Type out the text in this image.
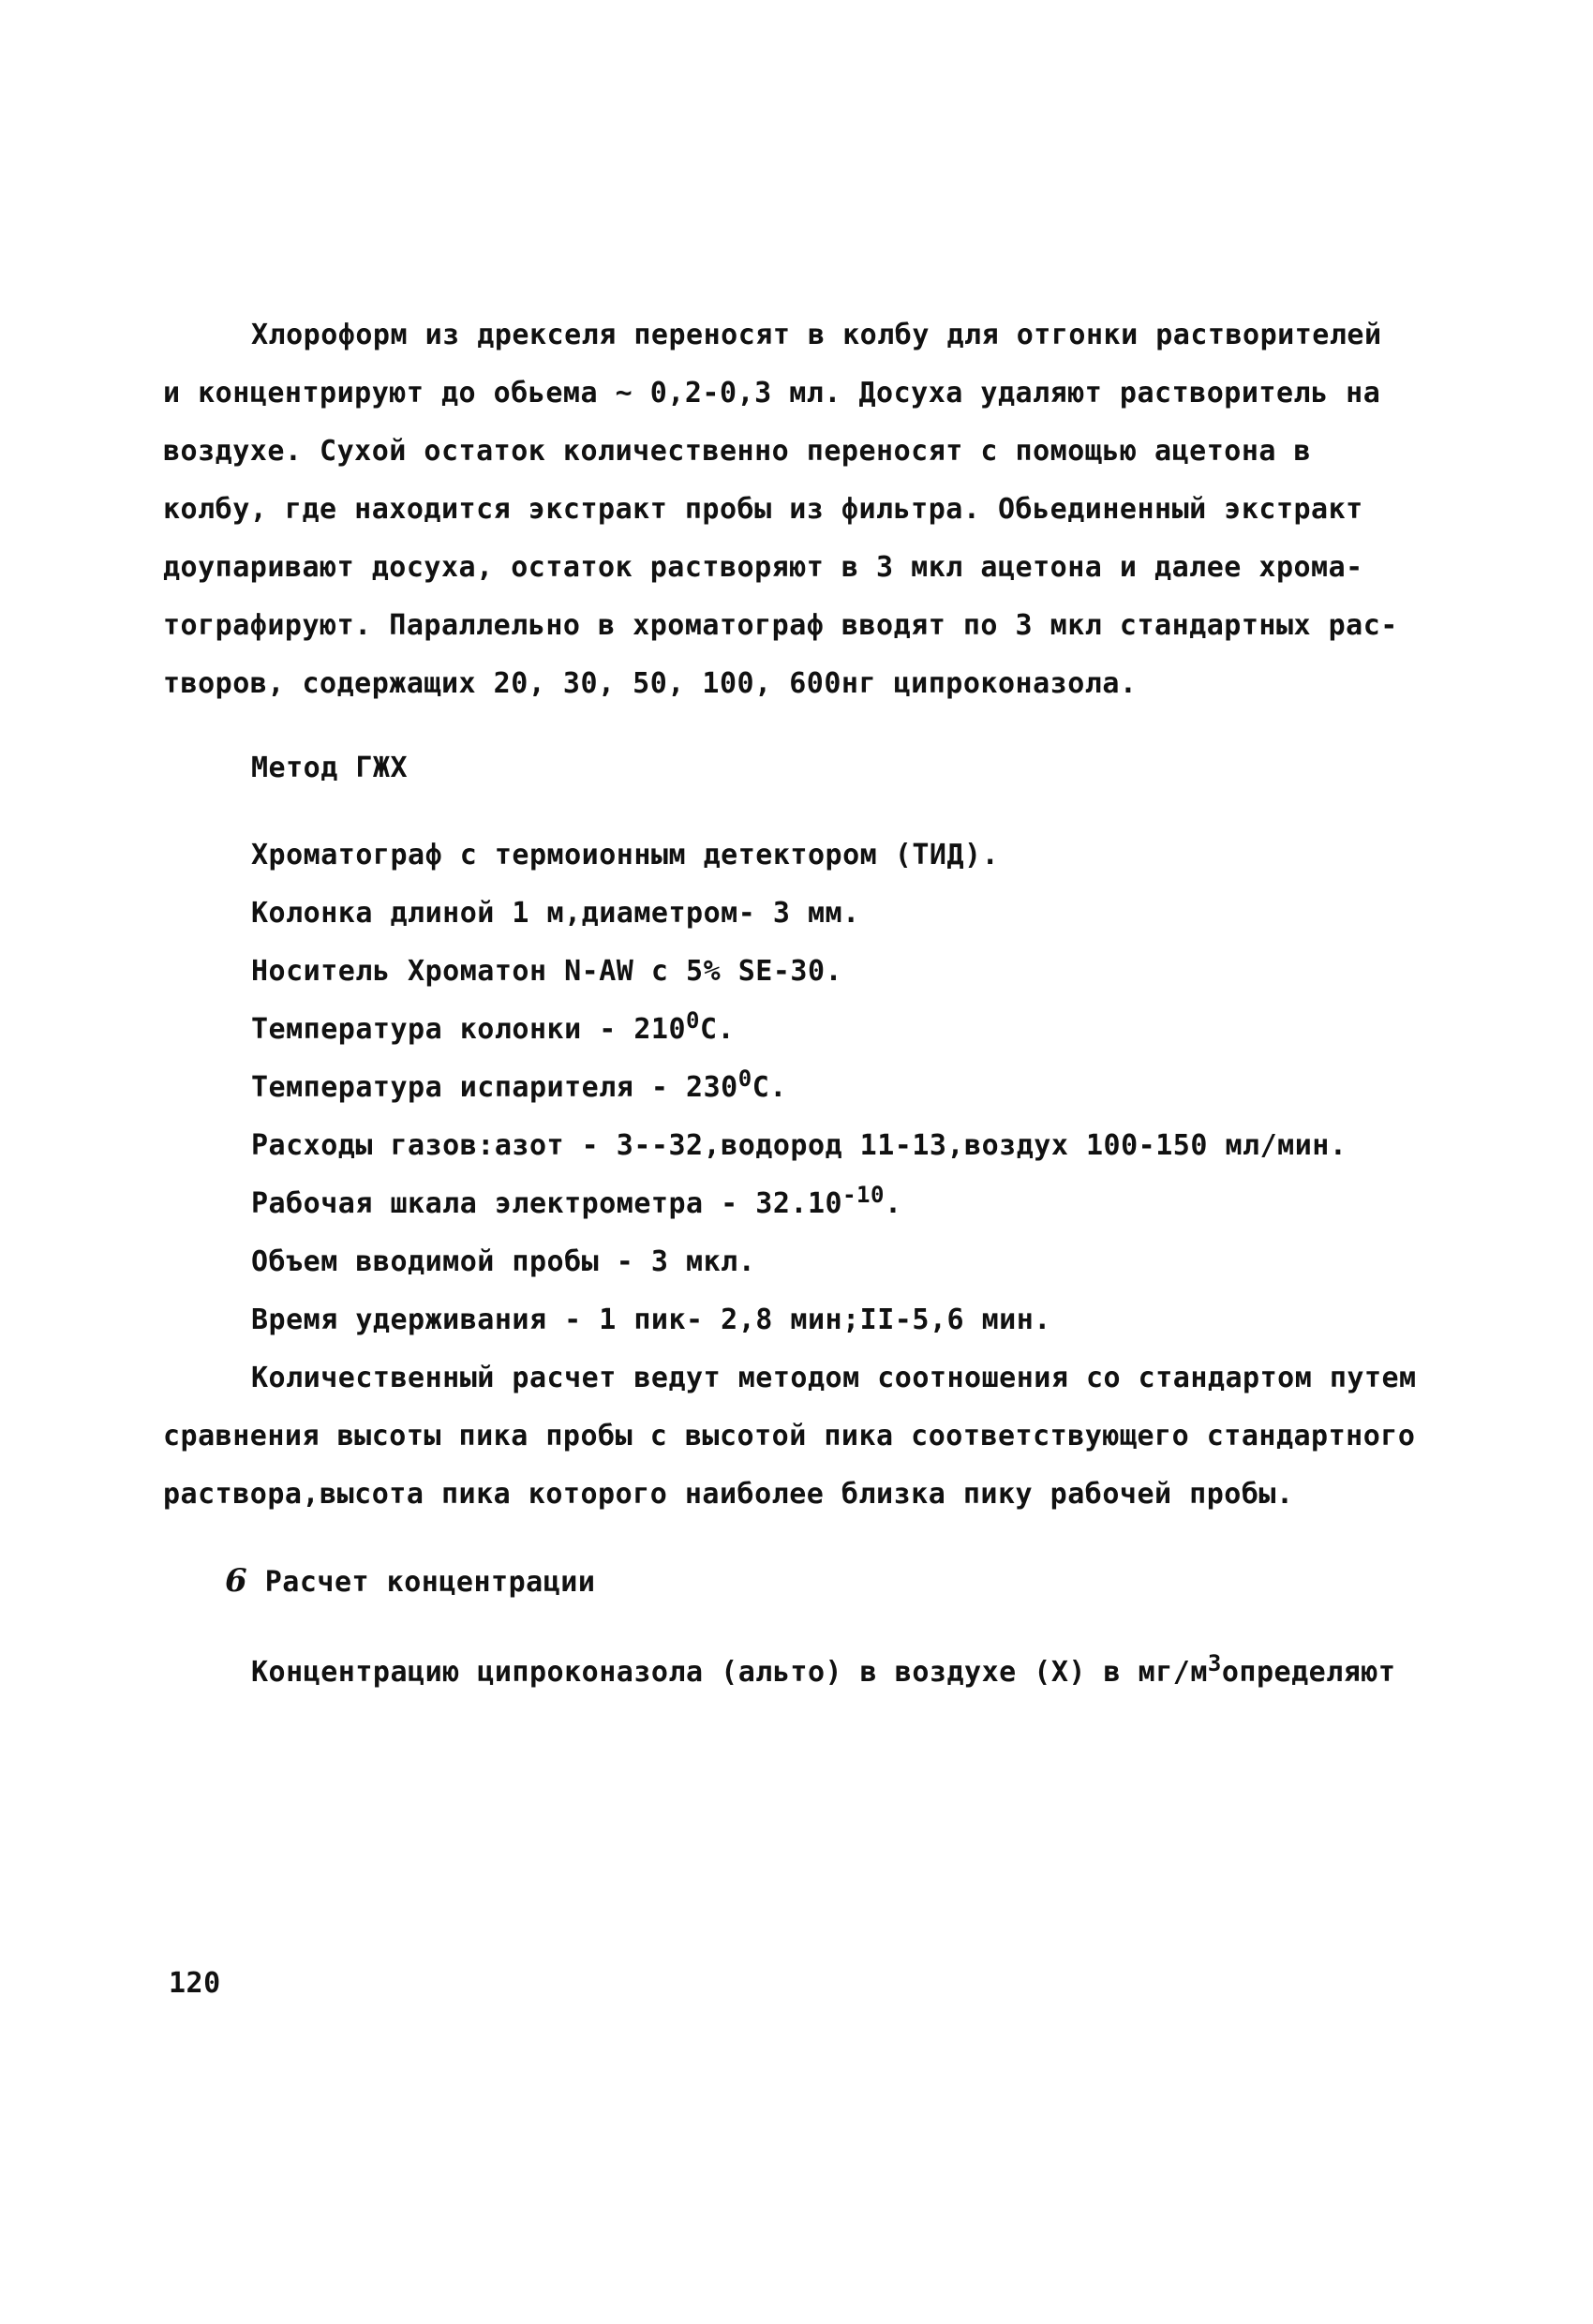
Хлороформ из дрекселя переносят в колбу для отгонки растворителей
и концентрируют до обьема ~ 0,2-0,3 мл. Досуха удаляют растворитель на
воздухе. Сухой остаток количественно переносят с помощью ацетона в
колбу, где находится экстракт пробы из фильтра. Обьединенный экстракт
доупаривают досуха, остаток растворяют в 3 мкл ацетона и далее хрома-
тографируют. Параллельно в хроматограф вводят по 3 мкл стандартных рас-
творов, содержащих 20, 30, 50, 100, 600нг ципроконазола.
Метод ГЖХ
Хроматограф с термоионным детектором (ТИД).
Колонка длиной 1 м,диаметром- 3 мм.
Носитель Хроматон N-AW с 5% SE-30.
Температура колонки - $210^0С$.
Температура испарителя - $230^0С$.
Расходы газов:азот - 3--32,водород 11-13,воздух 100-150 мл/мин.
Рабочая шкала электрометра - $32.10^{-10}$.
Объем вводимой пробы - 3 мкл.
Время удерживания - 1 пик- 2,8 мин;II-5,6 мин.
Количественный расчет ведут методом соотношения со стандартом путем
сравнения высоты пика пробы с высотой пика соответствующего стандартного
раствора,высота пика которого наиболее близка пику рабочей пробы.
6 Расчет концентрации
Концентрацию ципроконазола (альто) в воздухе (Х) в $мг/м^3определяют$
120
